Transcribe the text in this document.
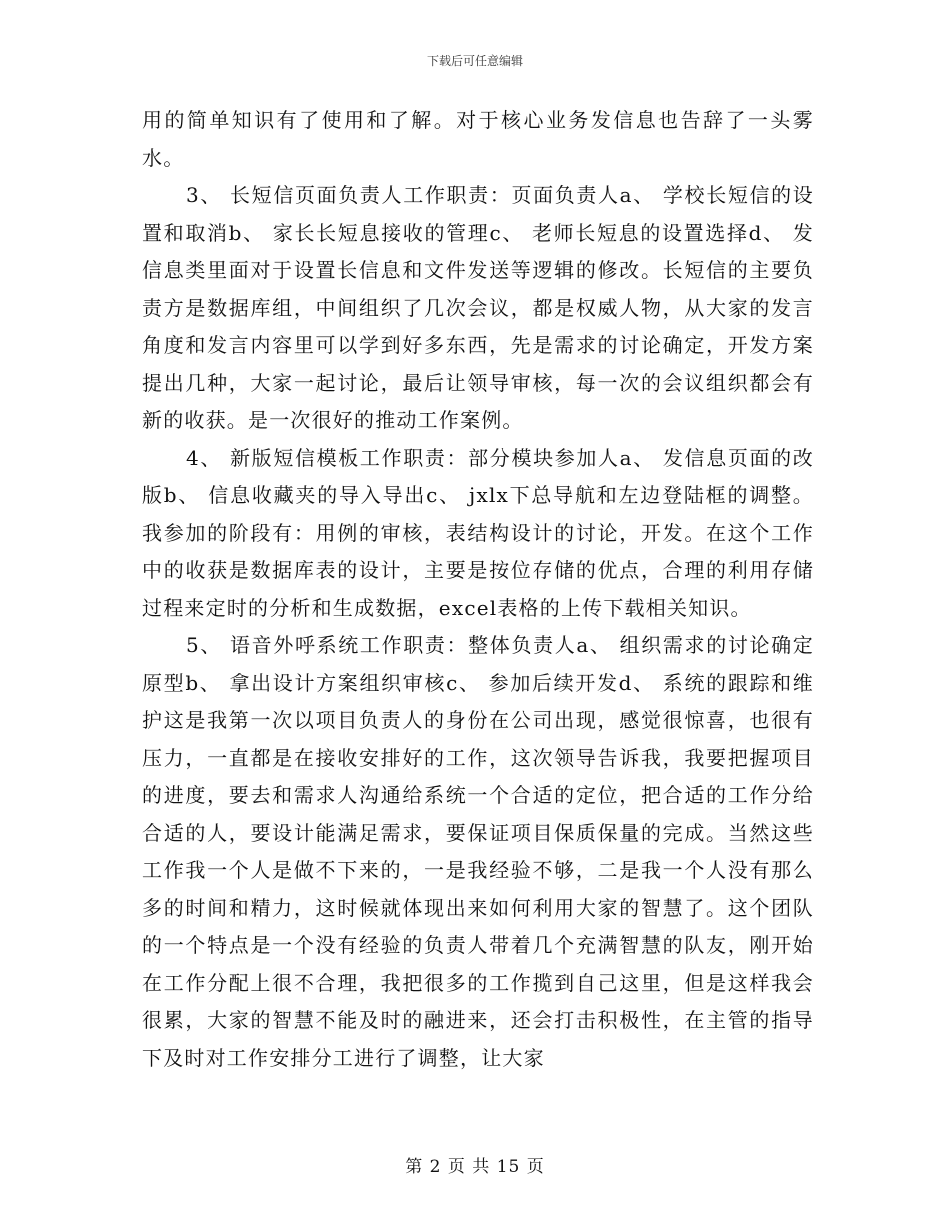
下载后可任意编辑

用的简单知识有了使用和了解。对于核心业务发信息也告辞了一头雾水。

3、 长短信页面负责人工作职责：页面负责人a、 学校长短信的设置和取消b、 家长长短息接收的管理c、 老师长短息的设置选择d、 发信息类里面对于设置长信息和文件发送等逻辑的修改。长短信的主要负责方是数据库组，中间组织了几次会议，都是权威人物，从大家的发言角度和发言内容里可以学到好多东西，先是需求的讨论确定，开发方案提出几种，大家一起讨论，最后让领导审核，每一次的会议组织都会有新的收获。是一次很好的推动工作案例。

4、 新版短信模板工作职责：部分模块参加人a、 发信息页面的改版b、 信息收藏夹的导入导出c、 jxlx下总导航和左边登陆框的调整。我参加的阶段有：用例的审核，表结构设计的讨论，开发。在这个工作中的收获是数据库表的设计，主要是按位存储的优点，合理的利用存储过程来定时的分析和生成数据，excel表格的上传下载相关知识。

5、 语音外呼系统工作职责：整体负责人a、 组织需求的讨论确定原型b、 拿出设计方案组织审核c、 参加后续开发d、 系统的跟踪和维护这是我第一次以项目负责人的身份在公司出现，感觉很惊喜，也很有压力，一直都是在接收安排好的工作，这次领导告诉我，我要把握项目的进度，要去和需求人沟通给系统一个合适的定位，把合适的工作分给合适的人，要设计能满足需求，要保证项目保质保量的完成。当然这些工作我一个人是做不下来的，一是我经验不够，二是我一个人没有那么多的时间和精力，这时候就体现出来如何利用大家的智慧了。这个团队的一个特点是一个没有经验的负责人带着几个充满智慧的队友，刚开始在工作分配上很不合理，我把很多的工作揽到自己这里，但是这样我会很累，大家的智慧不能及时的融进来，还会打击积极性，在主管的指导下及时对工作安排分工进行了调整，让大家

第 2 页 共 15 页
